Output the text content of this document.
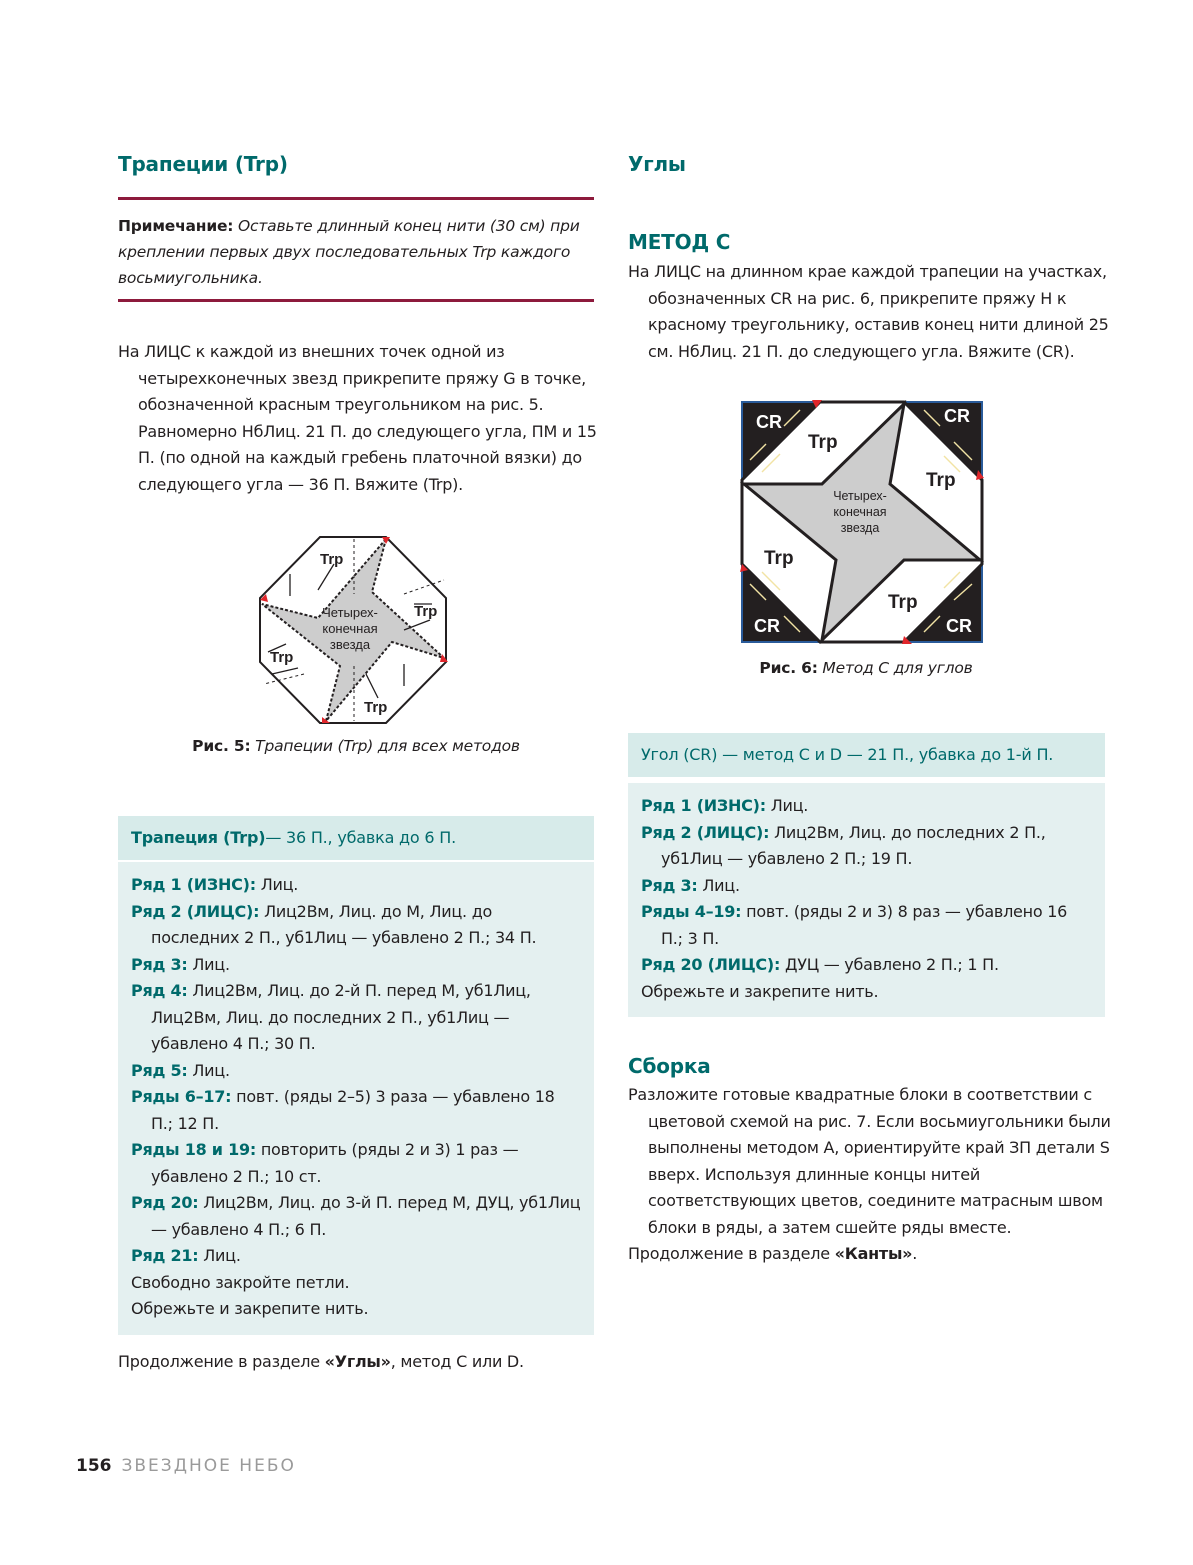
Трапеции (Trp)
Примечание: Оставьте длинный конец нити (30 см) при креплении первых двух последовательных Trp каждого восьмиугольника.

На ЛИЦС к каждой из внешних точек одной из четырехконечных звезд прикрепите пряжу G в точке, обозначенной красным треугольником на рис. 5. Равномерно НбЛиц. 21 П. до следующего угла, ПМ и 15 П. (по одной на каждый гребень платочной вязки) до следующего угла — 36 П. Вяжите (Trp).

Trp
Trp
Trp
Trp
Четырех-
конечная
звезда
Рис. 5: Трапеции (Trp) для всех методов
Трапеция (Trp)— 36 П., убавка до 6 П.

Ряд 1 (ИЗНС): Лиц.

Ряд 2 (ЛИЦС): Лиц2Вм, Лиц. до М, Лиц. до последних 2 П., уб1Лиц — убавлено 2 П.; 34 П.

Ряд 3: Лиц.

Ряд 4: Лиц2Вм, Лиц. до 2-й П. перед М, уб1Лиц, Лиц2Вм, Лиц. до последних 2 П., уб1Лиц — убавлено 4 П.; 30 П.

Ряд 5: Лиц.

Ряды 6–17: повт. (ряды 2–5) 3 раза — убавлено 18 П.; 12 П.

Ряды 18 и 19: повторить (ряды 2 и 3) 1 раз — убавлено 2 П.; 10 ст.

Ряд 20: Лиц2Вм, Лиц. до 3-й П. перед М, ДУЦ, уб1Лиц — убавлено 4 П.; 6 П.

Ряд 21: Лиц.

Свободно закройте петли.

Обрежьте и закрепите нить.

Продолжение в разделе «Углы», метод C или D.
Углы
МЕТОД C

На ЛИЦС на длинном крае каждой трапеции на участках, обозначенных CR на рис. 6, прикрепите пряжу H к красному треугольнику, оставив конец нити длиной 25 см. НбЛиц. 21 П. до следующего угла. Вяжите (CR).

CR	CR
CR	CR
Trp
Trp
Trp
Trp
Четырех-
конечная
звезда
Рис. 6: Метод C для углов
Угол (CR) — метод C и D — 21 П., убавка до 1-й П.

Ряд 1 (ИЗНС): Лиц.

Ряд 2 (ЛИЦС): Лиц2Вм, Лиц. до последних 2 П., уб1Лиц — убавлено 2 П.; 19 П.

Ряд 3: Лиц.

Ряды 4–19: повт. (ряды 2 и 3) 8 раз — убавлено 16 П.; 3 П.

Ряд 20 (ЛИЦС): ДУЦ — убавлено 2 П.; 1 П.

Обрежьте и закрепите нить.

Сборка

Разложите готовые квадратные блоки в соответствии с цветовой схемой на рис. 7. Если восьмиугольники были выполнены методом A, ориентируйте край ЗП детали S вверх. Используя длинные концы нитей соответствующих цветов, соедините матрасным швом блоки в ряды, а затем сшейте ряды вместе.

Продолжение в разделе «Канты».
156 ЗВЕЗДНОЕ НЕБО
